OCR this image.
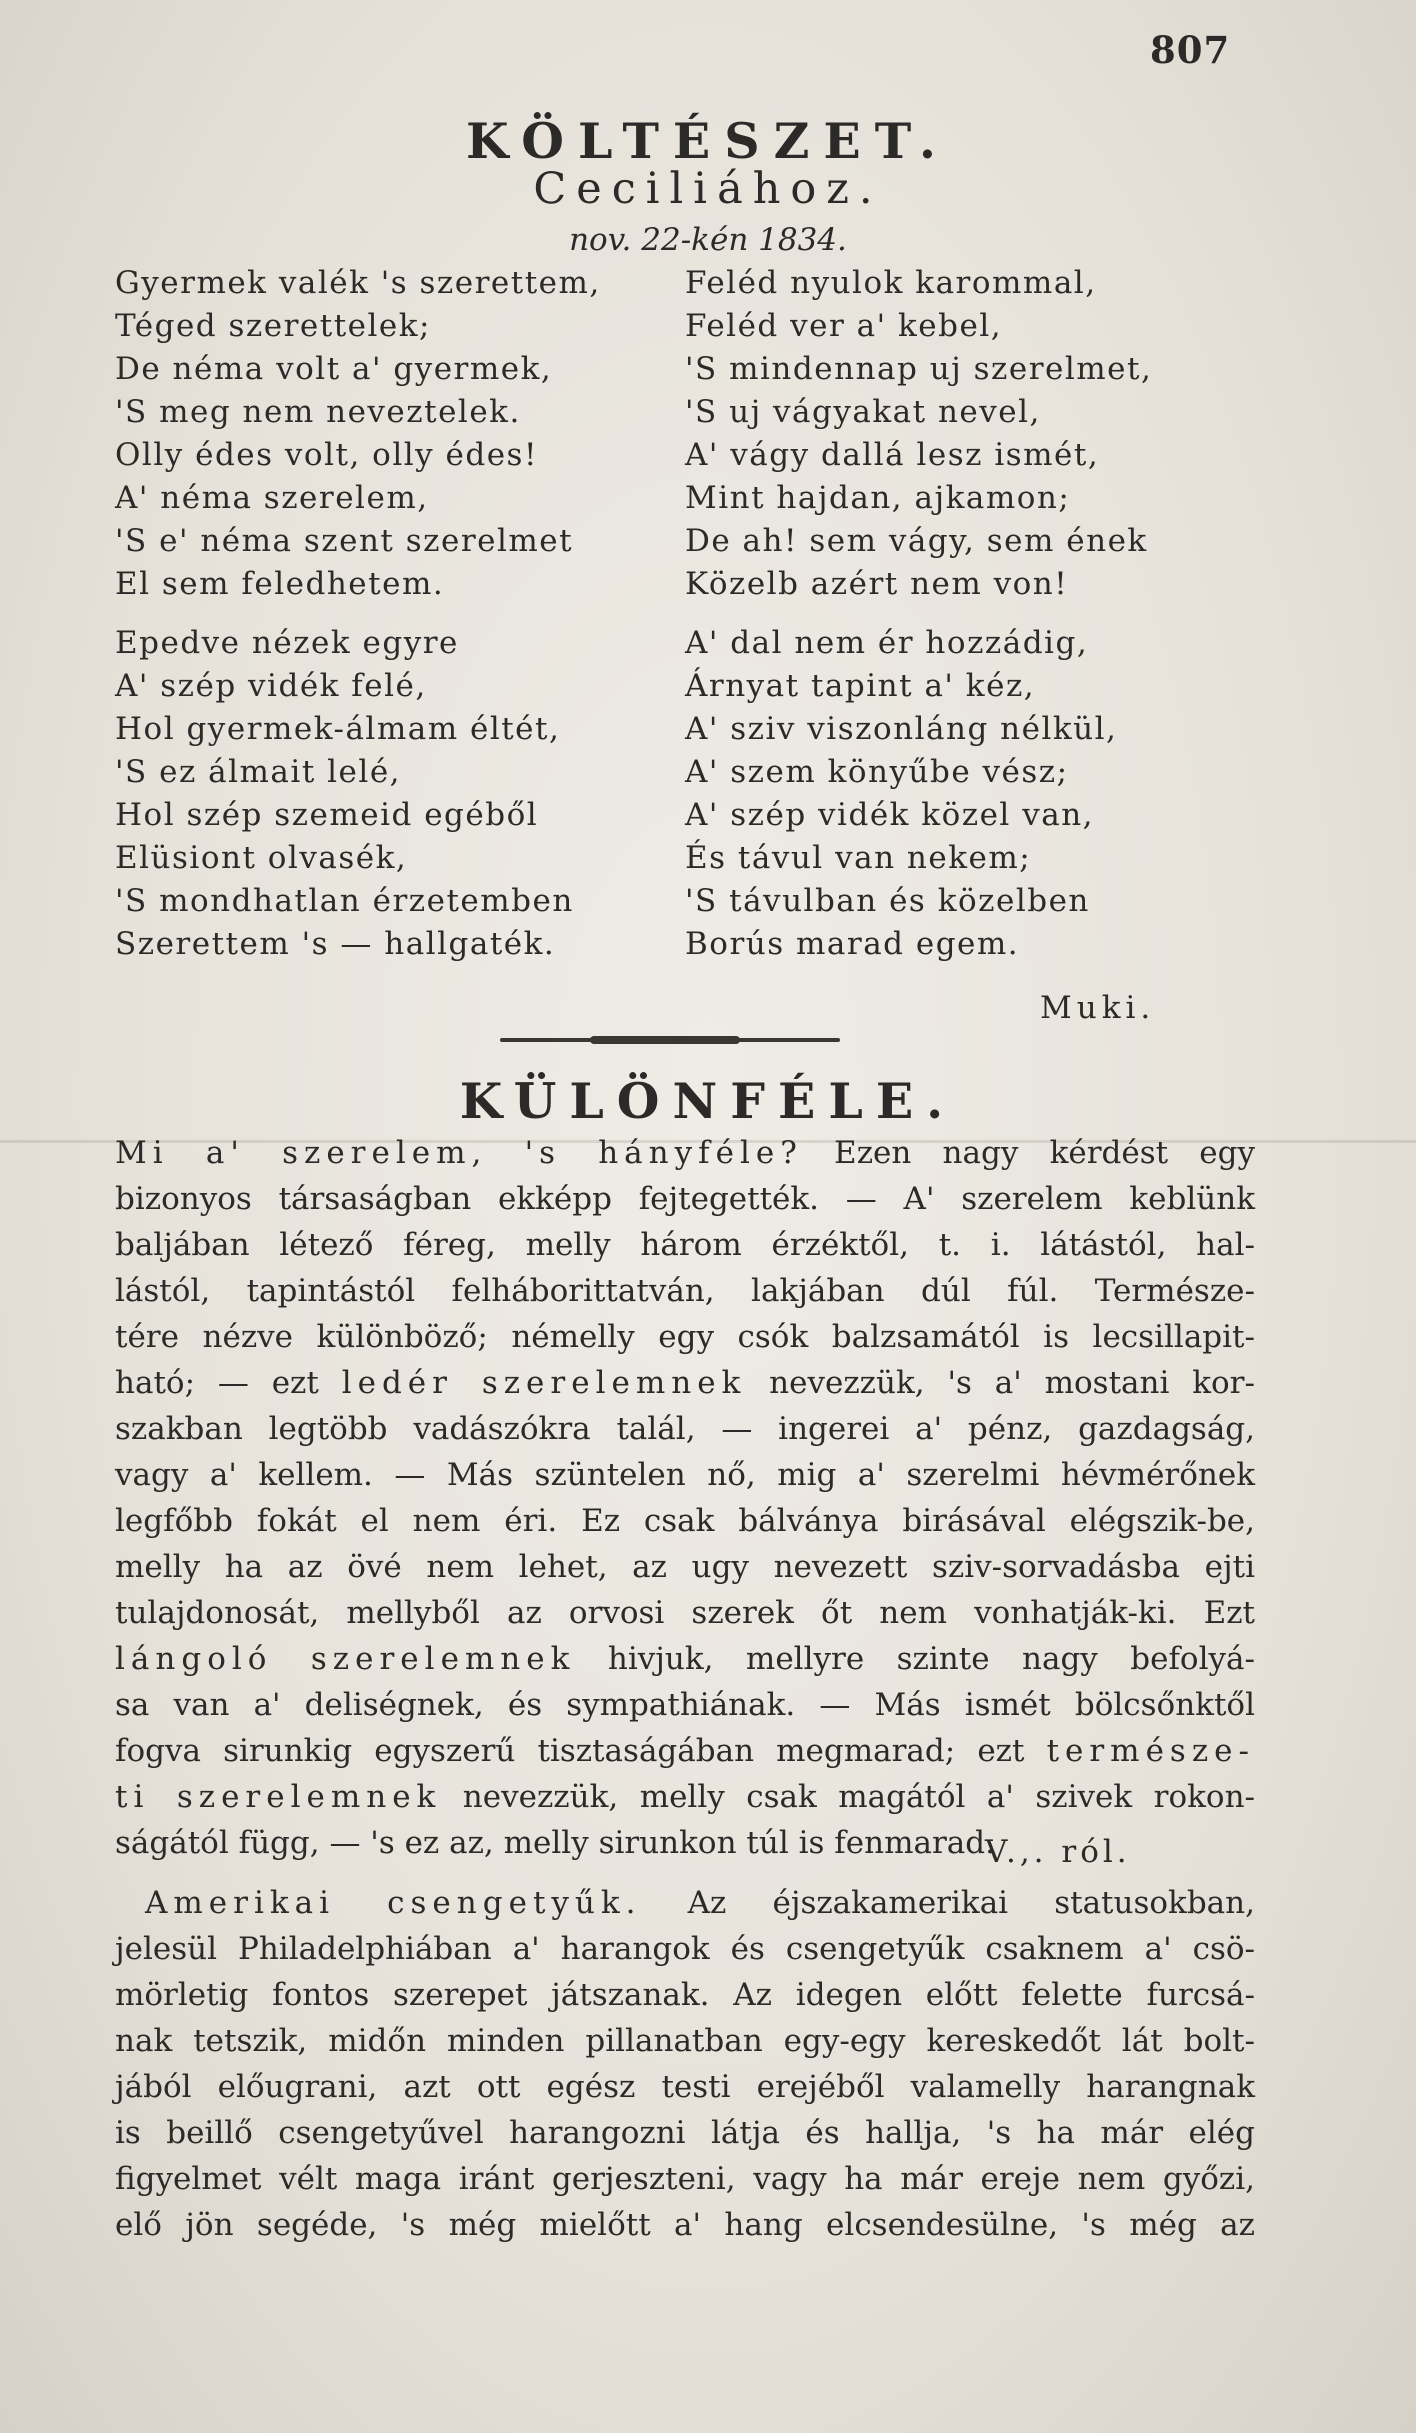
807
KÖLTÉSZET.
Ceciliához.
nov. 22-kén 1834.
Gyermek valék 's szerettem,
Téged szerettelek;
De néma volt a' gyermek,
'S meg nem neveztelek.
Olly édes volt, olly édes!
A' néma szerelem,
'S e' néma szent szerelmet
El sem feledhetem.
Epedve nézek egyre
A' szép vidék felé,
Hol gyermek-álmam éltét,
'S ez álmait lelé,
Hol szép szemeid egéből
Elüsiont olvasék,
'S mondhatlan érzetemben
Szerettem 's — hallgaték.
Feléd nyulok karommal,
Feléd ver a' kebel,
'S mindennap uj szerelmet,
'S uj vágyakat nevel,
A' vágy dallá lesz ismét,
Mint hajdan, ajkamon;
De ah! sem vágy, sem ének
Közelb azért nem von!
A' dal nem ér hozzádig,
Árnyat tapint a' kéz,
A' sziv viszonláng nélkül,
A' szem könyűbe vész;
A' szép vidék közel van,
És távul van nekem;
'S távulban és közelben
Borús marad egem.
Muki.
KÜLÖNFÉLE.
Mi a' szerelem, 's hányféle? Ezen nagy kérdést egy
bizonyos társaságban ekképp fejtegették. — A' szerelem keblünk
baljában létező féreg, melly három érzéktől, t. i. látástól, hal-
lástól, tapintástól felháborittatván, lakjában dúl fúl. Természe-
tére nézve különböző; némelly egy csók balzsamától is lecsillapit-
ható; — ezt ledér szerelemnek nevezzük, 's a' mostani kor-
szakban legtöbb vadászókra talál, — ingerei a' pénz, gazdagság,
vagy a' kellem. — Más szüntelen nő, mig a' szerelmi hévmérőnek
legfőbb fokát el nem éri. Ez csak bálványa birásával elégszik-be,
melly ha az övé nem lehet, az ugy nevezett sziv-sorvadásba ejti
tulajdonosát, mellyből az orvosi szerek őt nem vonhatják-ki. Ezt
lángoló szerelemnek hivjuk, mellyre szinte nagy befolyá-
sa van a' deliségnek, és sympathiának. — Más ismét bölcsőnktől
fogva sirunkig egyszerű tisztaságában megmarad; ezt természe-
ti szerelemnek nevezzük, melly csak magától a' szivek rokon-
ságától függ, — 's ez az, melly sirunkon túl is fenmarad.
V.,. ról.
Amerikai csengetyűk. Az éjszakamerikai statusokban,
jelesül Philadelphiában a' harangok és csengetyűk csaknem a' csö-
mörletig fontos szerepet játszanak. Az idegen előtt felette furcsá-
nak tetszik, midőn minden pillanatban egy-egy kereskedőt lát bolt-
jából előugrani, azt ott egész testi erejéből valamelly harangnak
is beillő csengetyűvel harangozni látja és hallja, 's ha már elég
figyelmet vélt maga iránt gerjeszteni, vagy ha már ereje nem győzi,
elő jön segéde, 's még mielőtt a' hang elcsendesülne, 's még az
